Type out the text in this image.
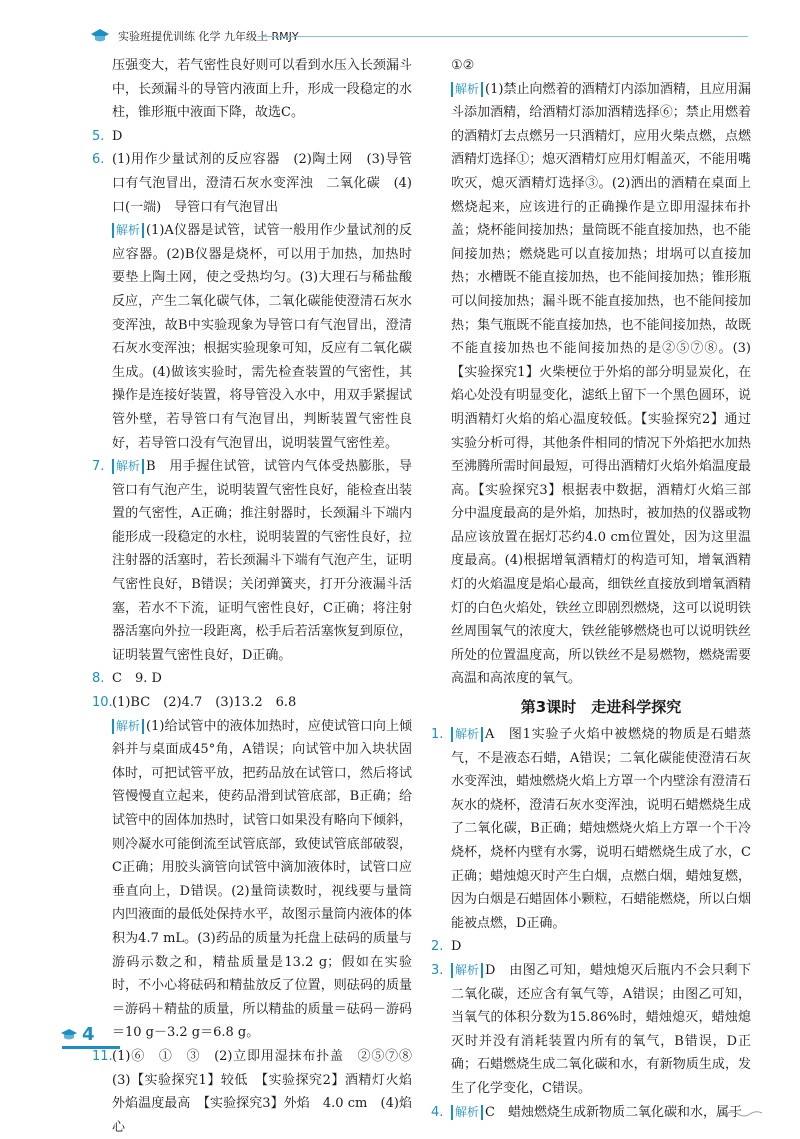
实验班提优训练 化学 九年级上 RMJY
压强变大，若气密性良好则可以看到水压入长颈漏斗中，长颈漏斗的导管内液面上升，形成一段稳定的水柱，锥形瓶中液面下降，故选C。
5. D
6. (1)用作少量试剂的反应容器　(2)陶土网　(3)导管口有气泡冒出，澄清石灰水变浑浊　二氧化碳　(4)口(一端)　导管口有气泡冒出
解析 (1)A仪器是试管，试管一般用作少量试剂的反应容器。(2)B仪器是烧杯，可以用于加热，加热时要垫上陶土网，使之受热均匀。(3)大理石与稀盐酸反应，产生二氧化碳气体，二氧化碳能使澄清石灰水变浑浊，故B中实验现象为导管口有气泡冒出，澄清石灰水变浑浊；根据实验现象可知，反应有二氧化碳生成。(4)做该实验时，需先检查装置的气密性，其操作是连接好装置，将导管没入水中，用双手紧握试管外壁，若导管口有气泡冒出，判断装置气密性良好，若导管口没有气泡冒出，说明装置气密性差。
7. 解析 B　用手握住试管，试管内气体受热膨胀，导管口有气泡产生，说明装置气密性良好，能检查出装置的气密性，A正确；推注射器时，长颈漏斗下端内能形成一段稳定的水柱，说明装置的气密性良好，拉注射器的活塞时，若长颈漏斗下端有气泡产生，证明气密性良好，B错误；关闭弹簧夹，打开分液漏斗活塞，若水不下流，证明气密性良好，C正确；将注射器活塞向外拉一段距离，松手后若活塞恢复到原位，证明装置气密性良好，D正确。
8. C　9. D
10.(1)BC　(2)4.7　(3)13.2　6.8
解析 (1)给试管中的液体加热时，应使试管口向上倾斜并与桌面成45°角，A错误；向试管中加入块状固体时，可把试管平放，把药品放在试管口，然后将试管慢慢直立起来，使药品滑到试管底部，B正确；给试管中的固体加热时，试管口如果没有略向下倾斜，则冷凝水可能倒流至试管底部，致使试管底部破裂，C正确；用胶头滴管向试管中滴加液体时，试管口应垂直向上，D错误。(2)量筒读数时，视线要与量筒内凹液面的最低处保持水平，故图示量筒内液体的体积为4.7 mL。(3)药品的质量为托盘上砝码的质量与游码示数之和，精盐质量是13.2 g；假如在实验时，不小心将砝码和精盐放反了位置，则砝码的质量＝游码＋精盐的质量，所以精盐的质量＝砝码－游码＝10 g－3.2 g＝6.8 g。
11.(1)⑥　①　③　(2)立即用湿抹布扑盖　②⑤⑦⑧　(3)【实验探究1】较低　【实验探究2】酒精灯火焰外焰温度最高　【实验探究3】外焰　4.0 cm　(4)焰心
①②
解析 (1)禁止向燃着的酒精灯内添加酒精，且应用漏斗添加酒精，给酒精灯添加酒精选择⑥；禁止用燃着的酒精灯去点燃另一只酒精灯，应用火柴点燃，点燃酒精灯选择①；熄灭酒精灯应用灯帽盖灭，不能用嘴吹灭，熄灭酒精灯选择③。(2)洒出的酒精在桌面上燃烧起来，应该进行的正确操作是立即用湿抹布扑盖；烧杯能间接加热；量筒既不能直接加热，也不能间接加热；燃烧匙可以直接加热；坩埚可以直接加热；水槽既不能直接加热，也不能间接加热；锥形瓶可以间接加热；漏斗既不能直接加热，也不能间接加热；集气瓶既不能直接加热，也不能间接加热，故既不能直接加热也不能间接加热的是②⑤⑦⑧。(3)【实验探究1】火柴梗位于外焰的部分明显炭化，在焰心处没有明显变化，滤纸上留下一个黑色圆环，说明酒精灯火焰的焰心温度较低。【实验探究2】通过实验分析可得，其他条件相同的情况下外焰把水加热至沸腾所需时间最短，可得出酒精灯火焰外焰温度最高。【实验探究3】根据表中数据，酒精灯火焰三部分中温度最高的是外焰，加热时，被加热的仪器或物品应该放置在据灯芯约4.0 cm位置处，因为这里温度最高。(4)根据增氧酒精灯的构造可知，增氧酒精灯的火焰温度是焰心最高，细铁丝直接放到增氧酒精灯的白色火焰处，铁丝立即剧烈燃烧，这可以说明铁丝周围氧气的浓度大，铁丝能够燃烧也可以说明铁丝所处的位置温度高，所以铁丝不是易燃物，燃烧需要高温和高浓度的氧气。
第3课时　走进科学探究
1. 解析 A　图1实验子火焰中被燃烧的物质是石蜡蒸气，不是液态石蜡，A错误；二氧化碳能使澄清石灰水变浑浊，蜡烛燃烧火焰上方罩一个内壁涂有澄清石灰水的烧杯，澄清石灰水变浑浊，说明石蜡燃烧生成了二氧化碳，B正确；蜡烛燃烧火焰上方罩一个干冷烧杯，烧杯内壁有水雾，说明石蜡燃烧生成了水，C正确；蜡烛熄灭时产生白烟，点燃白烟，蜡烛复燃，因为白烟是石蜡固体小颗粒，石蜡能燃烧，所以白烟能被点燃，D正确。
2. D
3. 解析 D　由图乙可知，蜡烛熄灭后瓶内不会只剩下二氧化碳，还应含有氧气等，A错误；由图乙可知，当氧气的体积分数为15.86%时，蜡烛熄灭，蜡烛熄灭时并没有消耗装置内所有的氧气，B错误，D正确；石蜡燃烧生成二氧化碳和水，有新物质生成，发生了化学变化，C错误。
4. 解析 C　蜡烛燃烧生成新物质二氧化碳和水，属于
4
